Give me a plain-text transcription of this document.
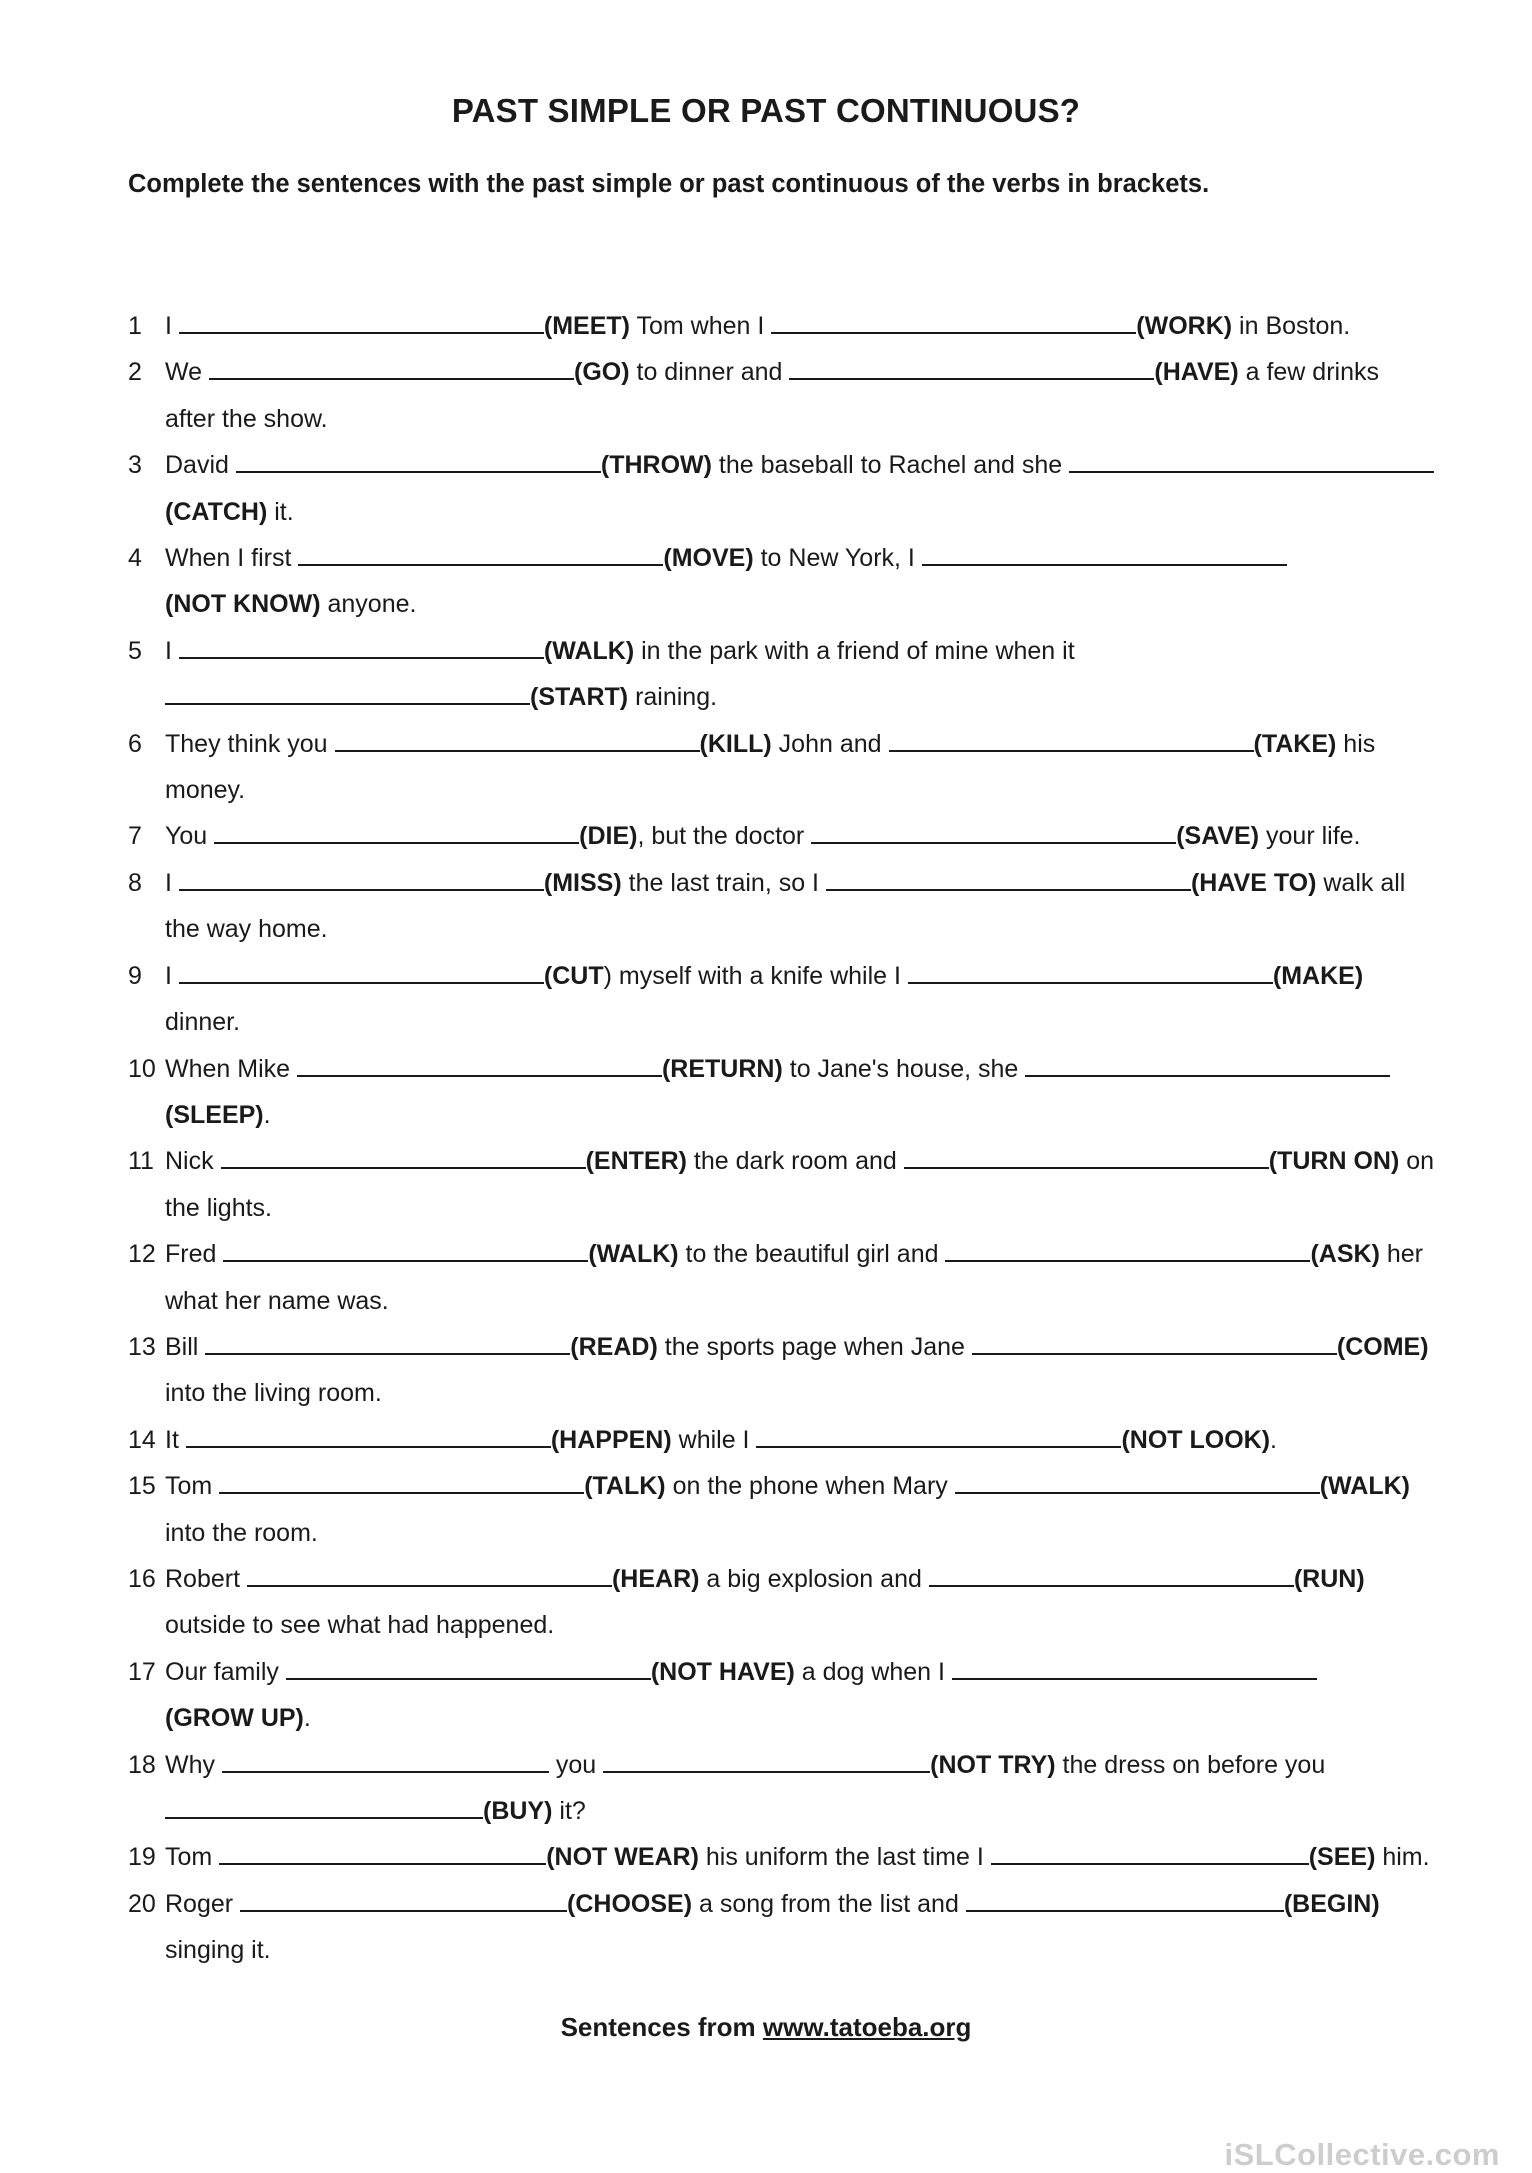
PAST SIMPLE OR PAST CONTINUOUS?
Complete the sentences with the past simple or past continuous of the verbs in brackets.
1 I	(MEET) Tom when I	(WORK) in Boston.
2 We	(GO) to dinner and	(HAVE) a few drinks
after the show.
3 David	(THROW) the baseball to Rachel and she
(CATCH) it.
4 When I first	(MOVE) to New York, I
(NOT KNOW) anyone.
5 I	(WALK) in the park with a friend of mine when it
(START) raining.
6 They think you	(KILL) John and	(TAKE) his
money.
7 You	(DIE), but the doctor	(SAVE) your life.
8 I	(MISS) the last train, so I	(HAVE TO) walk all
the way home.
9 I	(CUT) myself with a knife while I	(MAKE)
dinner.
10 When Mike	(RETURN) to Jane's house, she
(SLEEP).
11 Nick	(ENTER) the dark room and	(TURN ON) on
the lights.
12 Fred	(WALK) to the beautiful girl and	(ASK) her
what her name was.
13 Bill	(READ) the sports page when Jane	(COME)
into the living room.
14 It	(HAPPEN) while I	(NOT LOOK).
15 Tom	(TALK) on the phone when Mary	(WALK)
into the room.
16 Robert	(HEAR) a big explosion and	(RUN)
outside to see what had happened.
17 Our family	(NOT HAVE) a dog when I
(GROW UP).
18 Why	you	(NOT TRY) the dress on before you
(BUY) it?
19 Tom	(NOT WEAR) his uniform the last time I	(SEE) him.
20 Roger	(CHOOSE) a song from the list and	(BEGIN)
singing it.
Sentences from www.tatoeba.org
iSLCollective.com
